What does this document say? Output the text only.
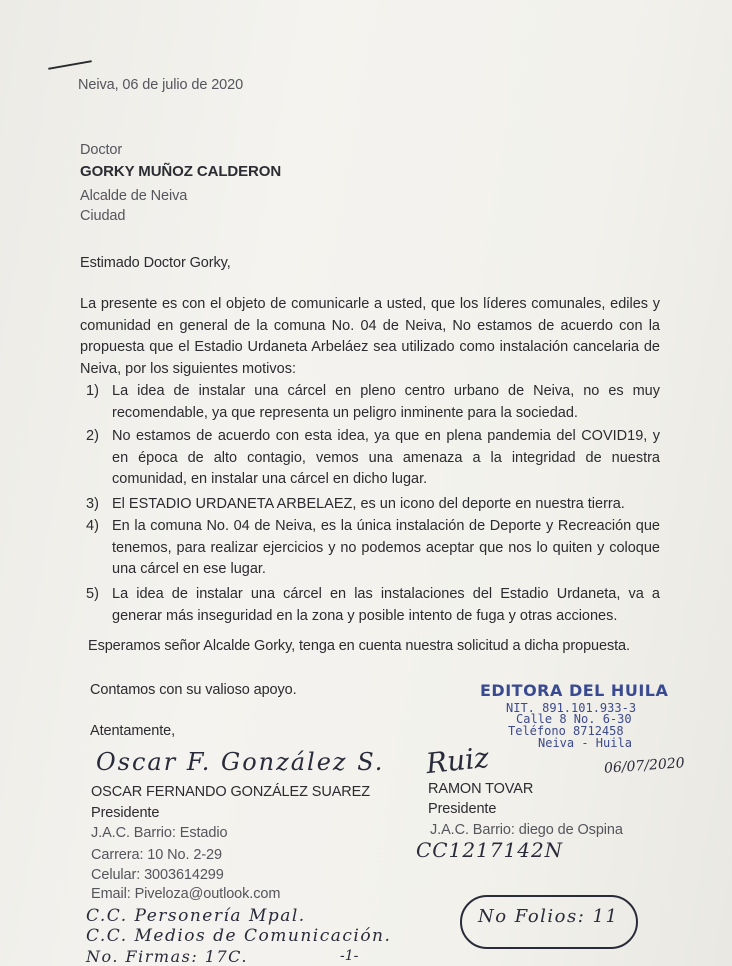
Neiva, 06 de julio de 2020
Doctor
GORKY MUÑOZ CALDERON
Alcalde de Neiva
Ciudad
Estimado Doctor Gorky,
La presente es con el objeto de comunicarle a usted, que los líderes comunales, ediles y comunidad en general de la comuna No. 04 de Neiva, No estamos de acuerdo con la propuesta que el Estadio Urdaneta Arbeláez sea utilizado como instalación cancelaria de Neiva, por los siguientes motivos:
1) La idea de instalar una cárcel en pleno centro urbano de Neiva, no es muy recomendable, ya que representa un peligro inminente para la sociedad.
2) No estamos de acuerdo con esta idea, ya que en plena pandemia del COVID19, y en época de alto contagio, vemos una amenaza a la integridad de nuestra comunidad, en instalar una cárcel en dicho lugar.
3) El ESTADIO URDANETA ARBELAEZ, es un icono del deporte en nuestra tierra.
4) En la comuna No. 04 de Neiva, es la única instalación de Deporte y Recreación que tenemos, para realizar ejercicios y no podemos aceptar que nos lo quiten y coloque una cárcel en ese lugar.
5) La idea de instalar una cárcel en las instalaciones del Estadio Urdaneta, va a generar más inseguridad en la zona y posible intento de fuga y otras acciones.
Esperamos señor Alcalde Gorky, tenga en cuenta nuestra solicitud a dicha propuesta.
Contamos con su valioso apoyo.
Atentamente,
EDITORA DEL HUILA
NIT. 891.101.933-3
Calle 8 No. 6-30
Teléfono 8712458
Neiva - Huila
Oscar F. González S. Ruiz	06/07/2020
OSCAR FERNANDO GONZÁLEZ SUAREZ
Presidente
J.A.C. Barrio: Estadio
Carrera: 10 No. 2-29
Celular: 3003614299
Email: Piveloza@outlook.com
RAMON TOVAR
Presidente
J.A.C. Barrio: diego de Ospina
CC1217142N
C.C. Personería Mpal.
C.C. Medios de Comunicación.
No. Firmas: 17C.	-1-
No Folios: 11
